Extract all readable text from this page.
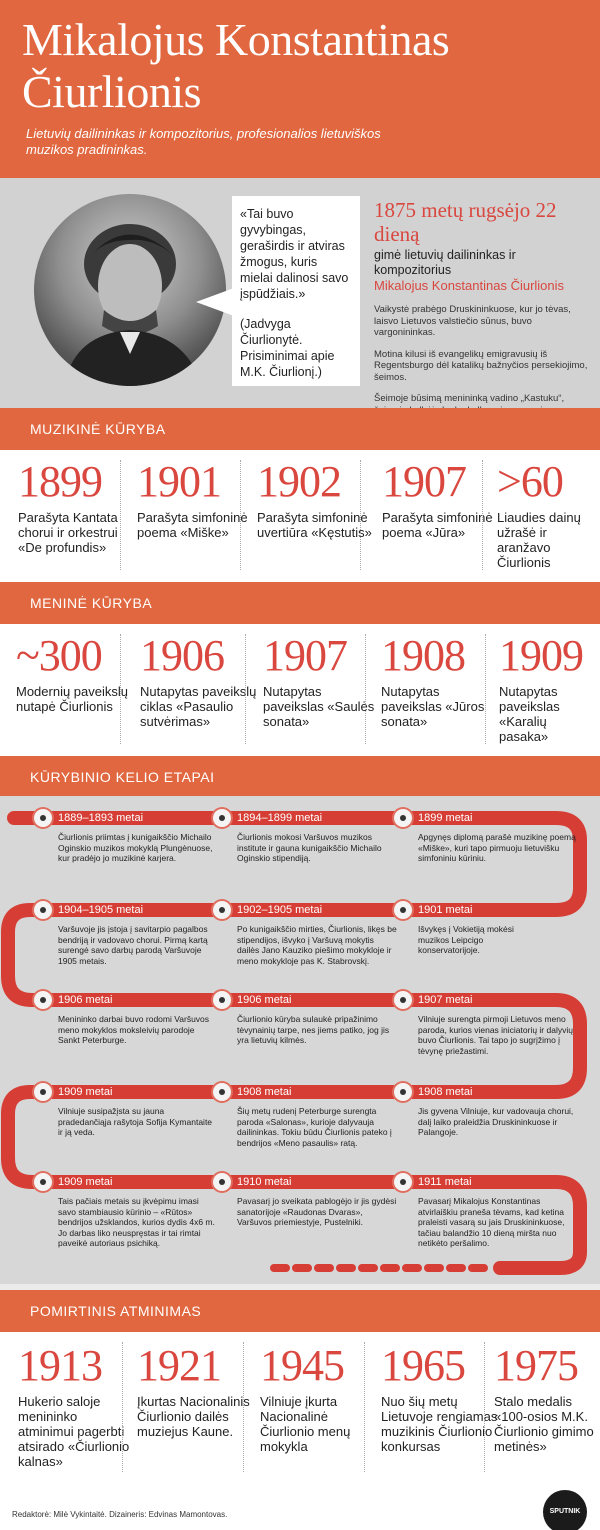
Mikalojus Konstantinas Čiurlionis
Lietuvių dailininkas ir kompozitorius, profesionalios lietuviškos muzikos pradininkas.
«Tai buvo gyvybingas, geraširdis ir atviras žmogus, kuris mielai dalinosi savo įspūdžiais.»
(Jadvyga Čiurlionytė. Prisiminimai apie M.K. Čiurlionį.)
1875 metų rugsėjo 22 dieną
gimė lietuvių dailininkas ir kompozitorius
Mikalojus Konstantinas Čiurlionis

Vaikystė prabėgo Druskininkuose, kur jo tėvas, laisvo Lietuvos valstiečio sūnus, buvo vargonininkas.

Motina kilusi iš evangelikų emigravusių iš Regentsburgo dėl katalikų bažnyčios persekiojimo, šeimos.

Šeimoje būsimą menininką vadino „Kastuku“,

MUZIKINĖ KŪRYBA
1899
Parašyta Kantata chorui ir orkestrui «De profundis»
1901
Parašyta simfoninė poema «Miške»
1902
Parašyta simfoninė uvertiūra «Kęstutis»
1907
Parašyta simfoninė poema «Jūra»
>60
Liaudies dainų užrašė ir aranžavo Čiurlionis
MENINĖ KŪRYBA
~300
Modernių paveikslų nutapė Čiurlionis
1906
Nutapytas paveikslų ciklas «Pasaulio sutvėrimas»
1907
Nutapytas paveikslas «Saulės sonata»
1908
Nutapytas paveikslas «Jūros sonata»
1909
Nutapytas paveikslas «Karalių pasaka»
KŪRYBINIO KELIO ETAPAI
1889–1893 metai
Čiurlionis priimtas į kunigaikščio Michailo Oginskio muzikos mokyklą Plungėnuose, kur pradėjo jo muzikinė karjera.
1894–1899 metai
Čiurlionis mokosi Varšuvos muzikos institute ir gauna kunigaikščio Michailo Oginskio stipendiją.
1899 metai
Apgynęs diplomą parašė muzikinę poemą «Miške», kuri tapo pirmuoju lietuvišku simfoniniu kūriniu.
1904–1905 metai
Varšuvoje jis įstoja į savitarpio pagalbos bendriją ir vadovavo chorui. Pirmą kartą surengė savo darbų parodą Varšuvoje 1905 metais.
1902–1905 metai
Po kunigaikščio mirties, Čiurlionis, likęs be stipendijos, išvyko į Varšuvą mokytis dailės Jano Kauziko piešimo mokykloje ir meno mokykloje pas K. Stabrovskį.
1901 metai
Išvykęs į Vokietiją mokėsi muzikos Leipcigo konservatorijoje.
1906 metai
Menininko darbai buvo rodomi Varšuvos meno mokyklos moksleivių parodoje Sankt Peterburge.
1906 metai
Čiurlionio kūryba sulaukė pripažinimo tėvynainių tarpe, nes jiems patiko, jog jis yra lietuvių kilmės.
1907 metai
Vilniuje surengta pirmoji Lietuvos meno paroda, kurios vienas iniciatorių ir dalyvių buvo Čiurlionis. Tai tapo jo sugrįžimo į tėvynę priežastimi.
1909 metai
Vilniuje susipažįsta su jauna pradedančiąja rašytoja Sofija Kymantaite ir ją veda.
1908 metai
Šių metų rudenį Peterburge surengta paroda «Salonas», kurioje dalyvauja dailininkas. Tokiu būdu Čiurlionis pateko į bendrijos «Meno pasaulis» ratą.
1908 metai
Jis gyvena Vilniuje, kur vadovauja chorui, dalį laiko praleidžia Druskininkuose ir Palangoje.
1909 metai
Tais pačiais metais su įkvėpimu imasi savo stambiausio kūrinio – «Rūtos» bendrijos užsklandos, kurios dydis 4x6 m. Jo darbas liko neuspręstas ir tai rimtai paveikė autoriaus psichiką.
1910 metai
Pavasarį jo sveikata pablogėjo ir jis gydėsi sanatorijoje «Raudonas Dvaras», Varšuvos priemiestyje, Pustelniki.
1911 metai
Pavasarį Mikalojus Konstantinas atvirlaiškiu praneša tėvams, kad ketina praleisti vasarą su jais Druskininkuose, tačiau balandžio 10 dieną miršta nuo netikėto peršalimo.
POMIRTINIS ATMINIMAS
1913
Hukerio saloje menininko atminimui pagerbti atsirado «Čiurlionio kalnas»
1921
Įkurtas Nacionalinis Čiurlionio dailės muziejus Kaune.
1945
Vilniuje įkurta Nacionalinė Čiurlionio menų mokykla
1965
Nuo šių metų Lietuvoje rengiamas muzikinis Čiurlionio konkursas
1975
Stalo medalis «100-osios M.K. Čiurlionio gimimo metinės»
Redaktorė: Milė Vykintaitė. Dizaineris: Edvinas Mamontovas.	SPUTNIK
